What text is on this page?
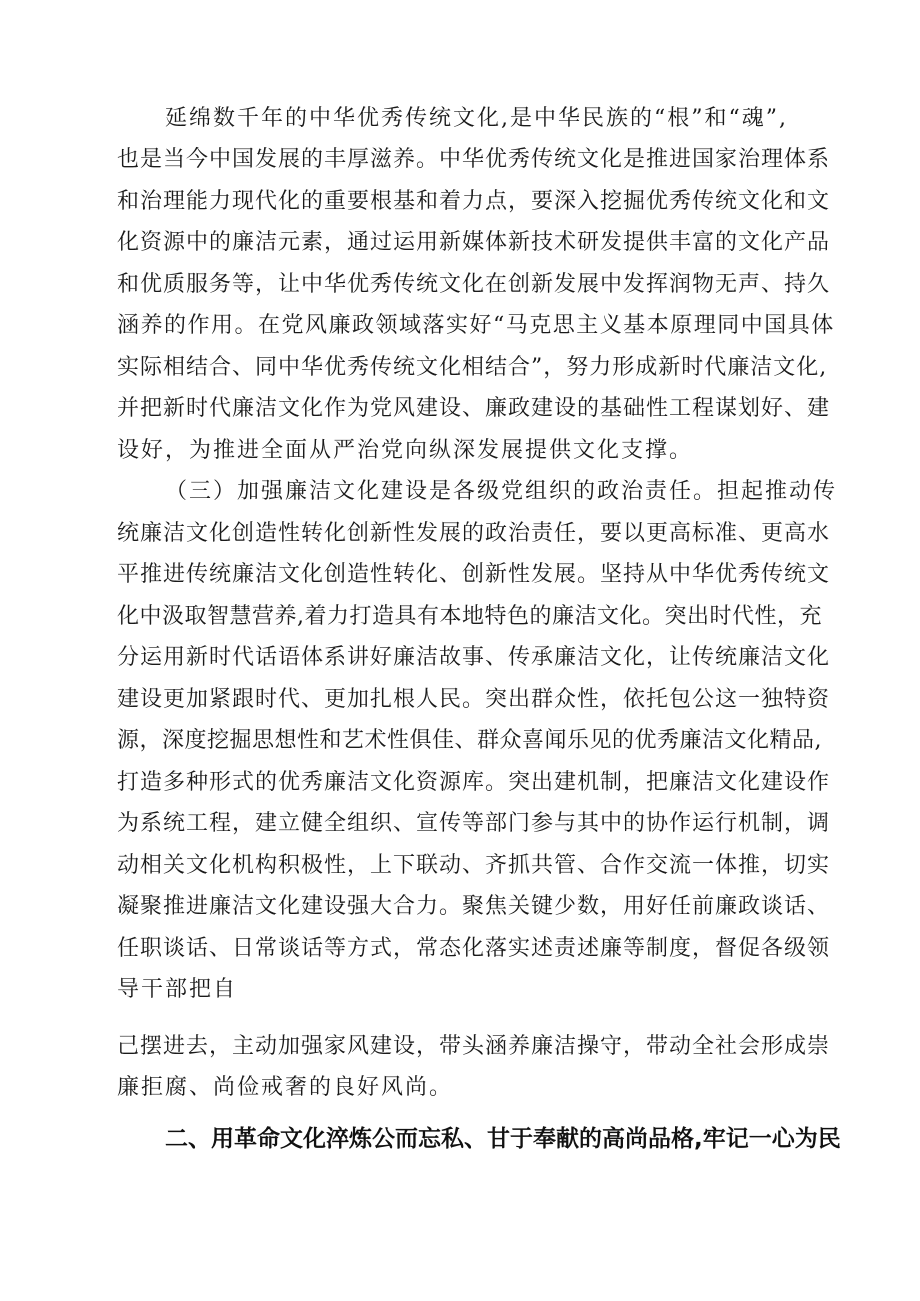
延绵数千年的中华优秀传统文化,是中华民族的“根”和“魂”,

也是当今中国发展的丰厚滋养。中华优秀传统文化是推进国家治理体系

和治理能力现代化的重要根基和着力点，要深入挖掘优秀传统文化和文

化资源中的廉洁元素，通过运用新媒体新技术研发提供丰富的文化产品

和优质服务等，让中华优秀传统文化在创新发展中发挥润物无声、持久

涵养的作用。在党风廉政领域落实好“马克思主义基本原理同中国具体

实际相结合、同中华优秀传统文化相结合”，努力形成新时代廉洁文化,

并把新时代廉洁文化作为党风建设、廉政建设的基础性工程谋划好、建

设好，为推进全面从严治党向纵深发展提供文化支撑。

（三）加强廉洁文化建设是各级党组织的政治责任。担起推动传

统廉洁文化创造性转化创新性发展的政治责任，要以更高标准、更高水

平推进传统廉洁文化创造性转化、创新性发展。坚持从中华优秀传统文

化中汲取智慧营养,着力打造具有本地特色的廉洁文化。突出时代性，充

分运用新时代话语体系讲好廉洁故事、传承廉洁文化，让传统廉洁文化

建设更加紧跟时代、更加扎根人民。突出群众性，依托包公这一独特资

源，深度挖掘思想性和艺术性俱佳、群众喜闻乐见的优秀廉洁文化精品,

打造多种形式的优秀廉洁文化资源库。突出建机制，把廉洁文化建设作

为系统工程，建立健全组织、宣传等部门参与其中的协作运行机制，调

动相关文化机构积极性，上下联动、齐抓共管、合作交流一体推，切实

凝聚推进廉洁文化建设强大合力。聚焦关键少数，用好任前廉政谈话、

任职谈话、日常谈话等方式，常态化落实述责述廉等制度，督促各级领

导干部把自

己摆进去，主动加强家风建设，带头涵养廉洁操守，带动全社会形成崇

廉拒腐、尚俭戒奢的良好风尚。

二、用革命文化淬炼公而忘私、甘于奉献的高尚品格,牢记一心为民
